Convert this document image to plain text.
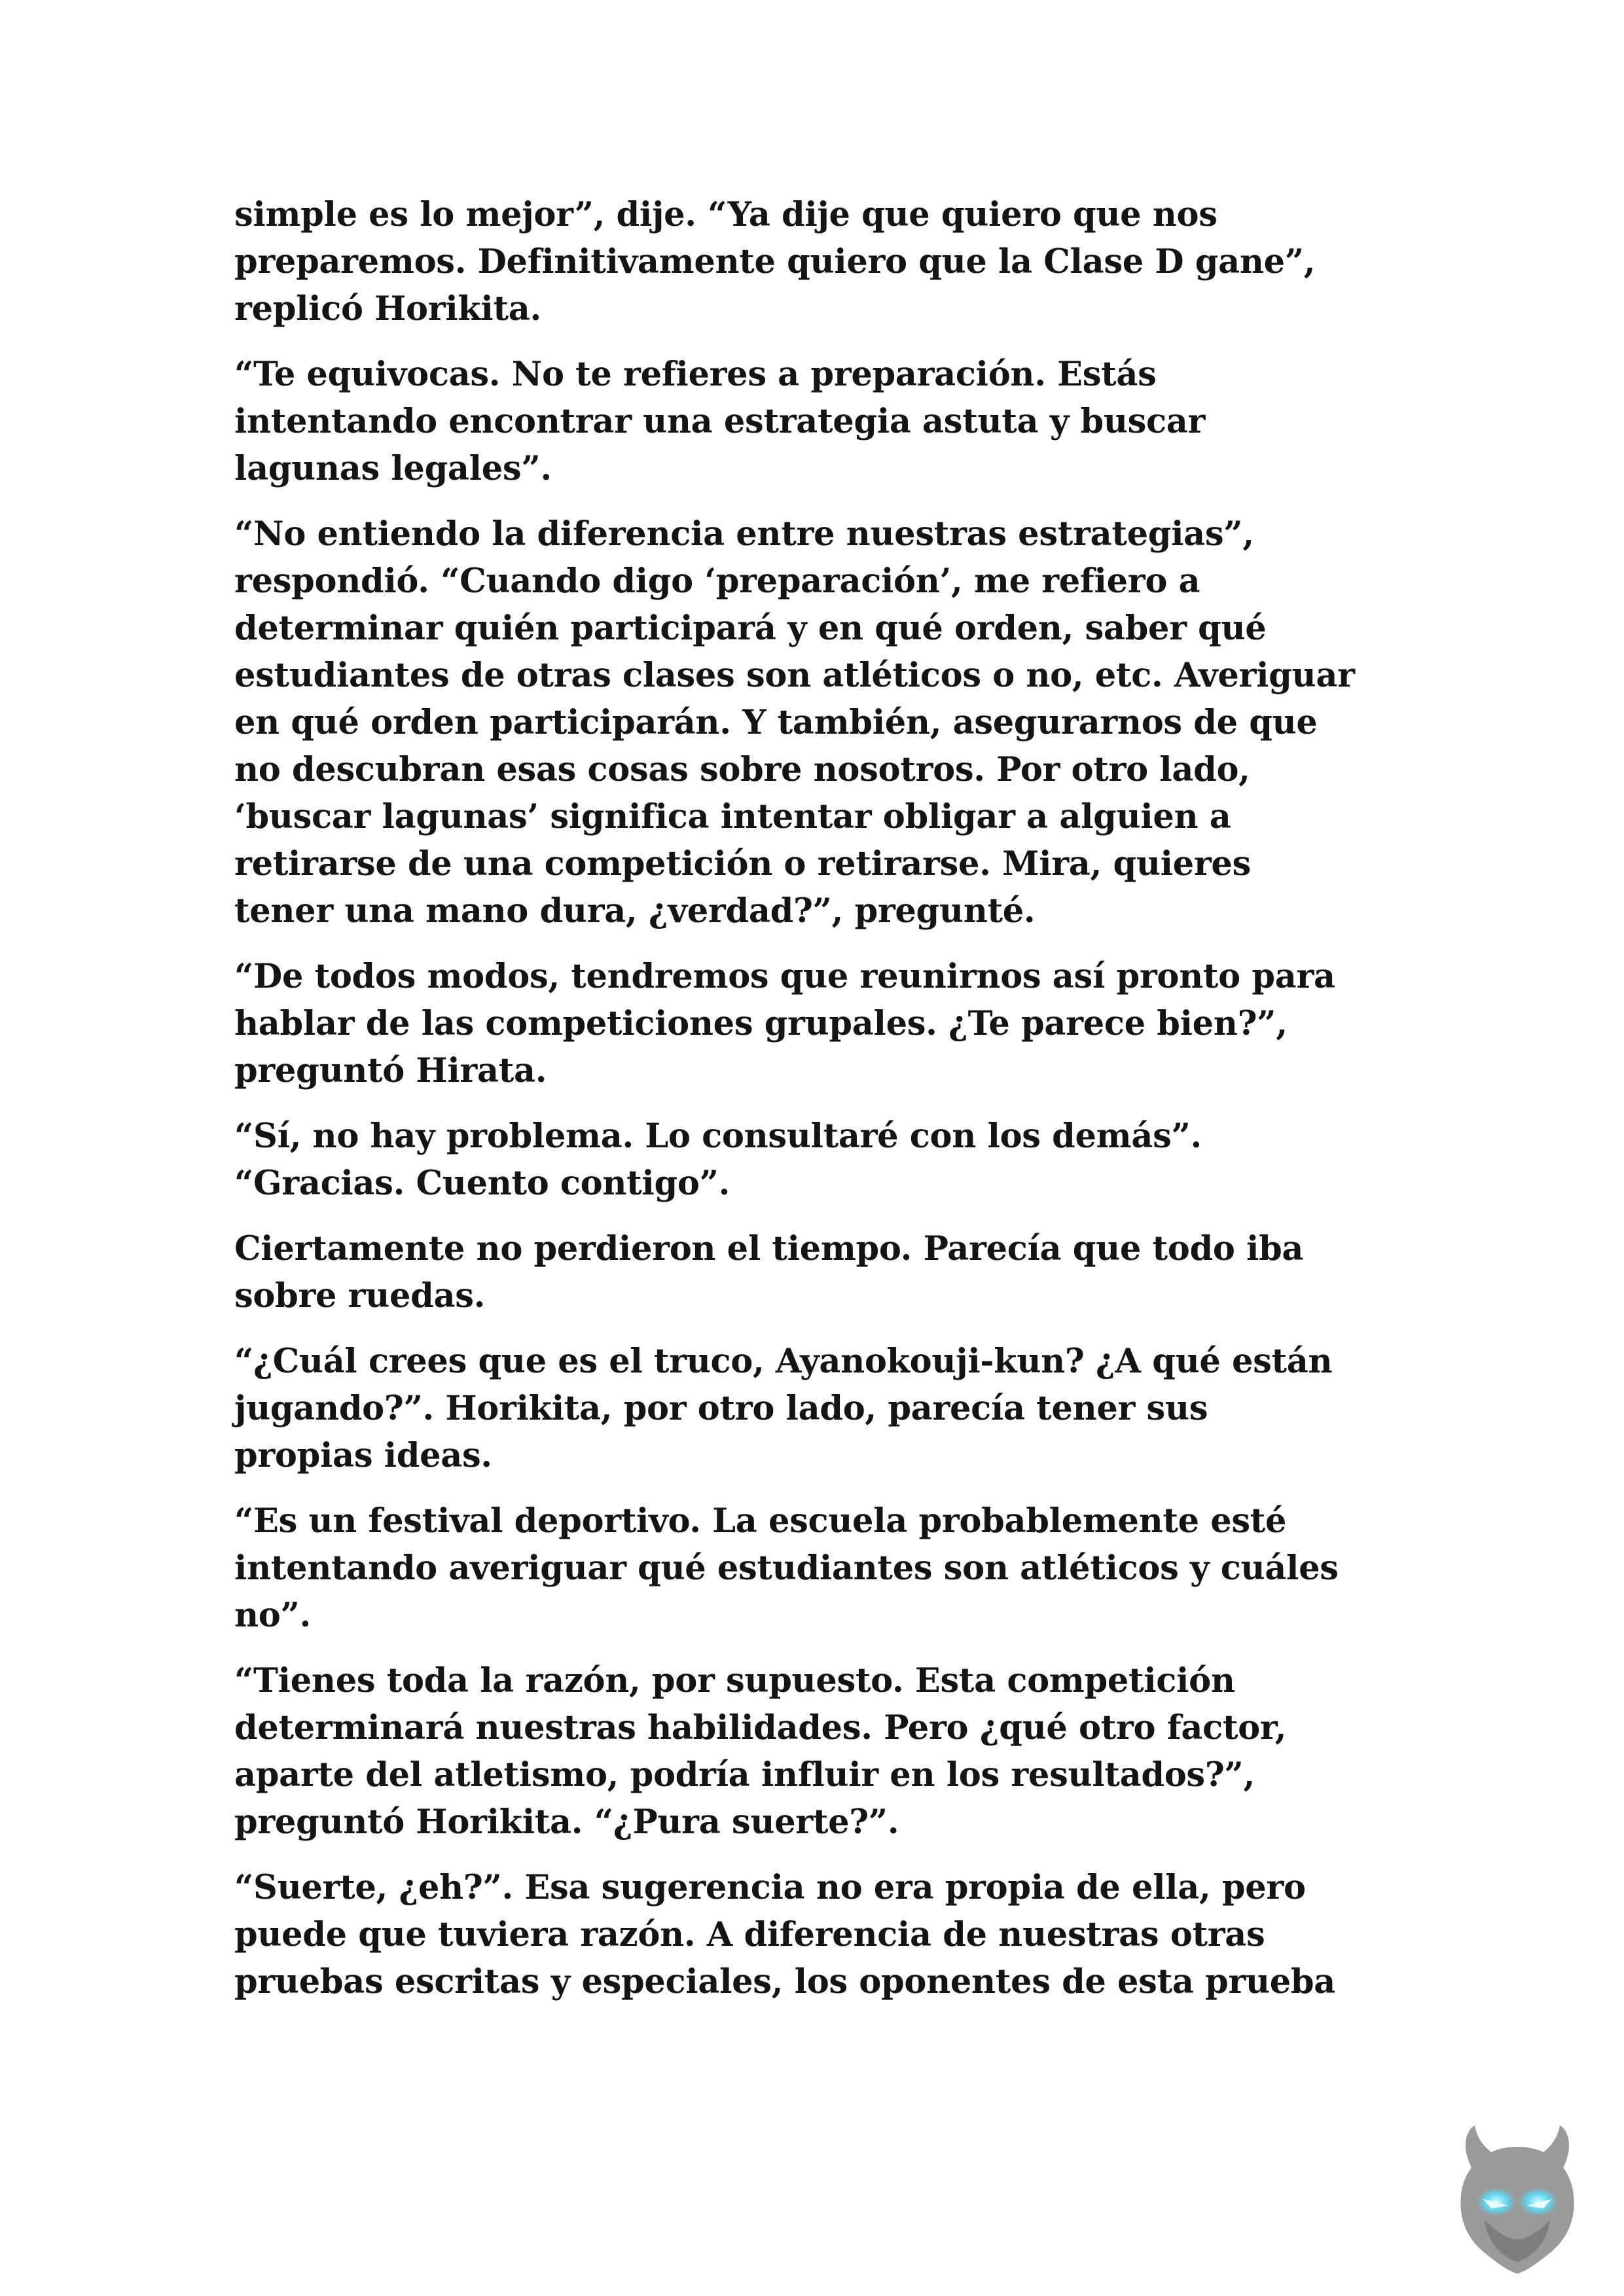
simple es lo mejor”, dije. “Ya dije que quiero que nos
preparemos. Definitivamente quiero que la Clase D gane”,
replicó Horikita.

“Te equivocas. No te refieres a preparación. Estás
intentando encontrar una estrategia astuta y buscar
lagunas legales”.

“No entiendo la diferencia entre nuestras estrategias”,
respondió. “Cuando digo ‘preparación’, me refiero a
determinar quién participará y en qué orden, saber qué
estudiantes de otras clases son atléticos o no, etc. Averiguar
en qué orden participarán. Y también, asegurarnos de que
no descubran esas cosas sobre nosotros. Por otro lado,
‘buscar lagunas’ significa intentar obligar a alguien a
retirarse de una competición o retirarse. Mira, quieres
tener una mano dura, ¿verdad?”, pregunté.

“De todos modos, tendremos que reunirnos así pronto para
hablar de las competiciones grupales. ¿Te parece bien?”,
preguntó Hirata.

“Sí, no hay problema. Lo consultaré con los demás”.
“Gracias. Cuento contigo”.

Ciertamente no perdieron el tiempo. Parecía que todo iba
sobre ruedas.

“¿Cuál crees que es el truco, Ayanokouji-kun? ¿A qué están
jugando?”. Horikita, por otro lado, parecía tener sus
propias ideas.

“Es un festival deportivo. La escuela probablemente esté
intentando averiguar qué estudiantes son atléticos y cuáles
no”.

“Tienes toda la razón, por supuesto. Esta competición
determinará nuestras habilidades. Pero ¿qué otro factor,
aparte del atletismo, podría influir en los resultados?”,
preguntó Horikita. “¿Pura suerte?”.

“Suerte, ¿eh?”. Esa sugerencia no era propia de ella, pero
puede que tuviera razón. A diferencia de nuestras otras
pruebas escritas y especiales, los oponentes de esta prueba
